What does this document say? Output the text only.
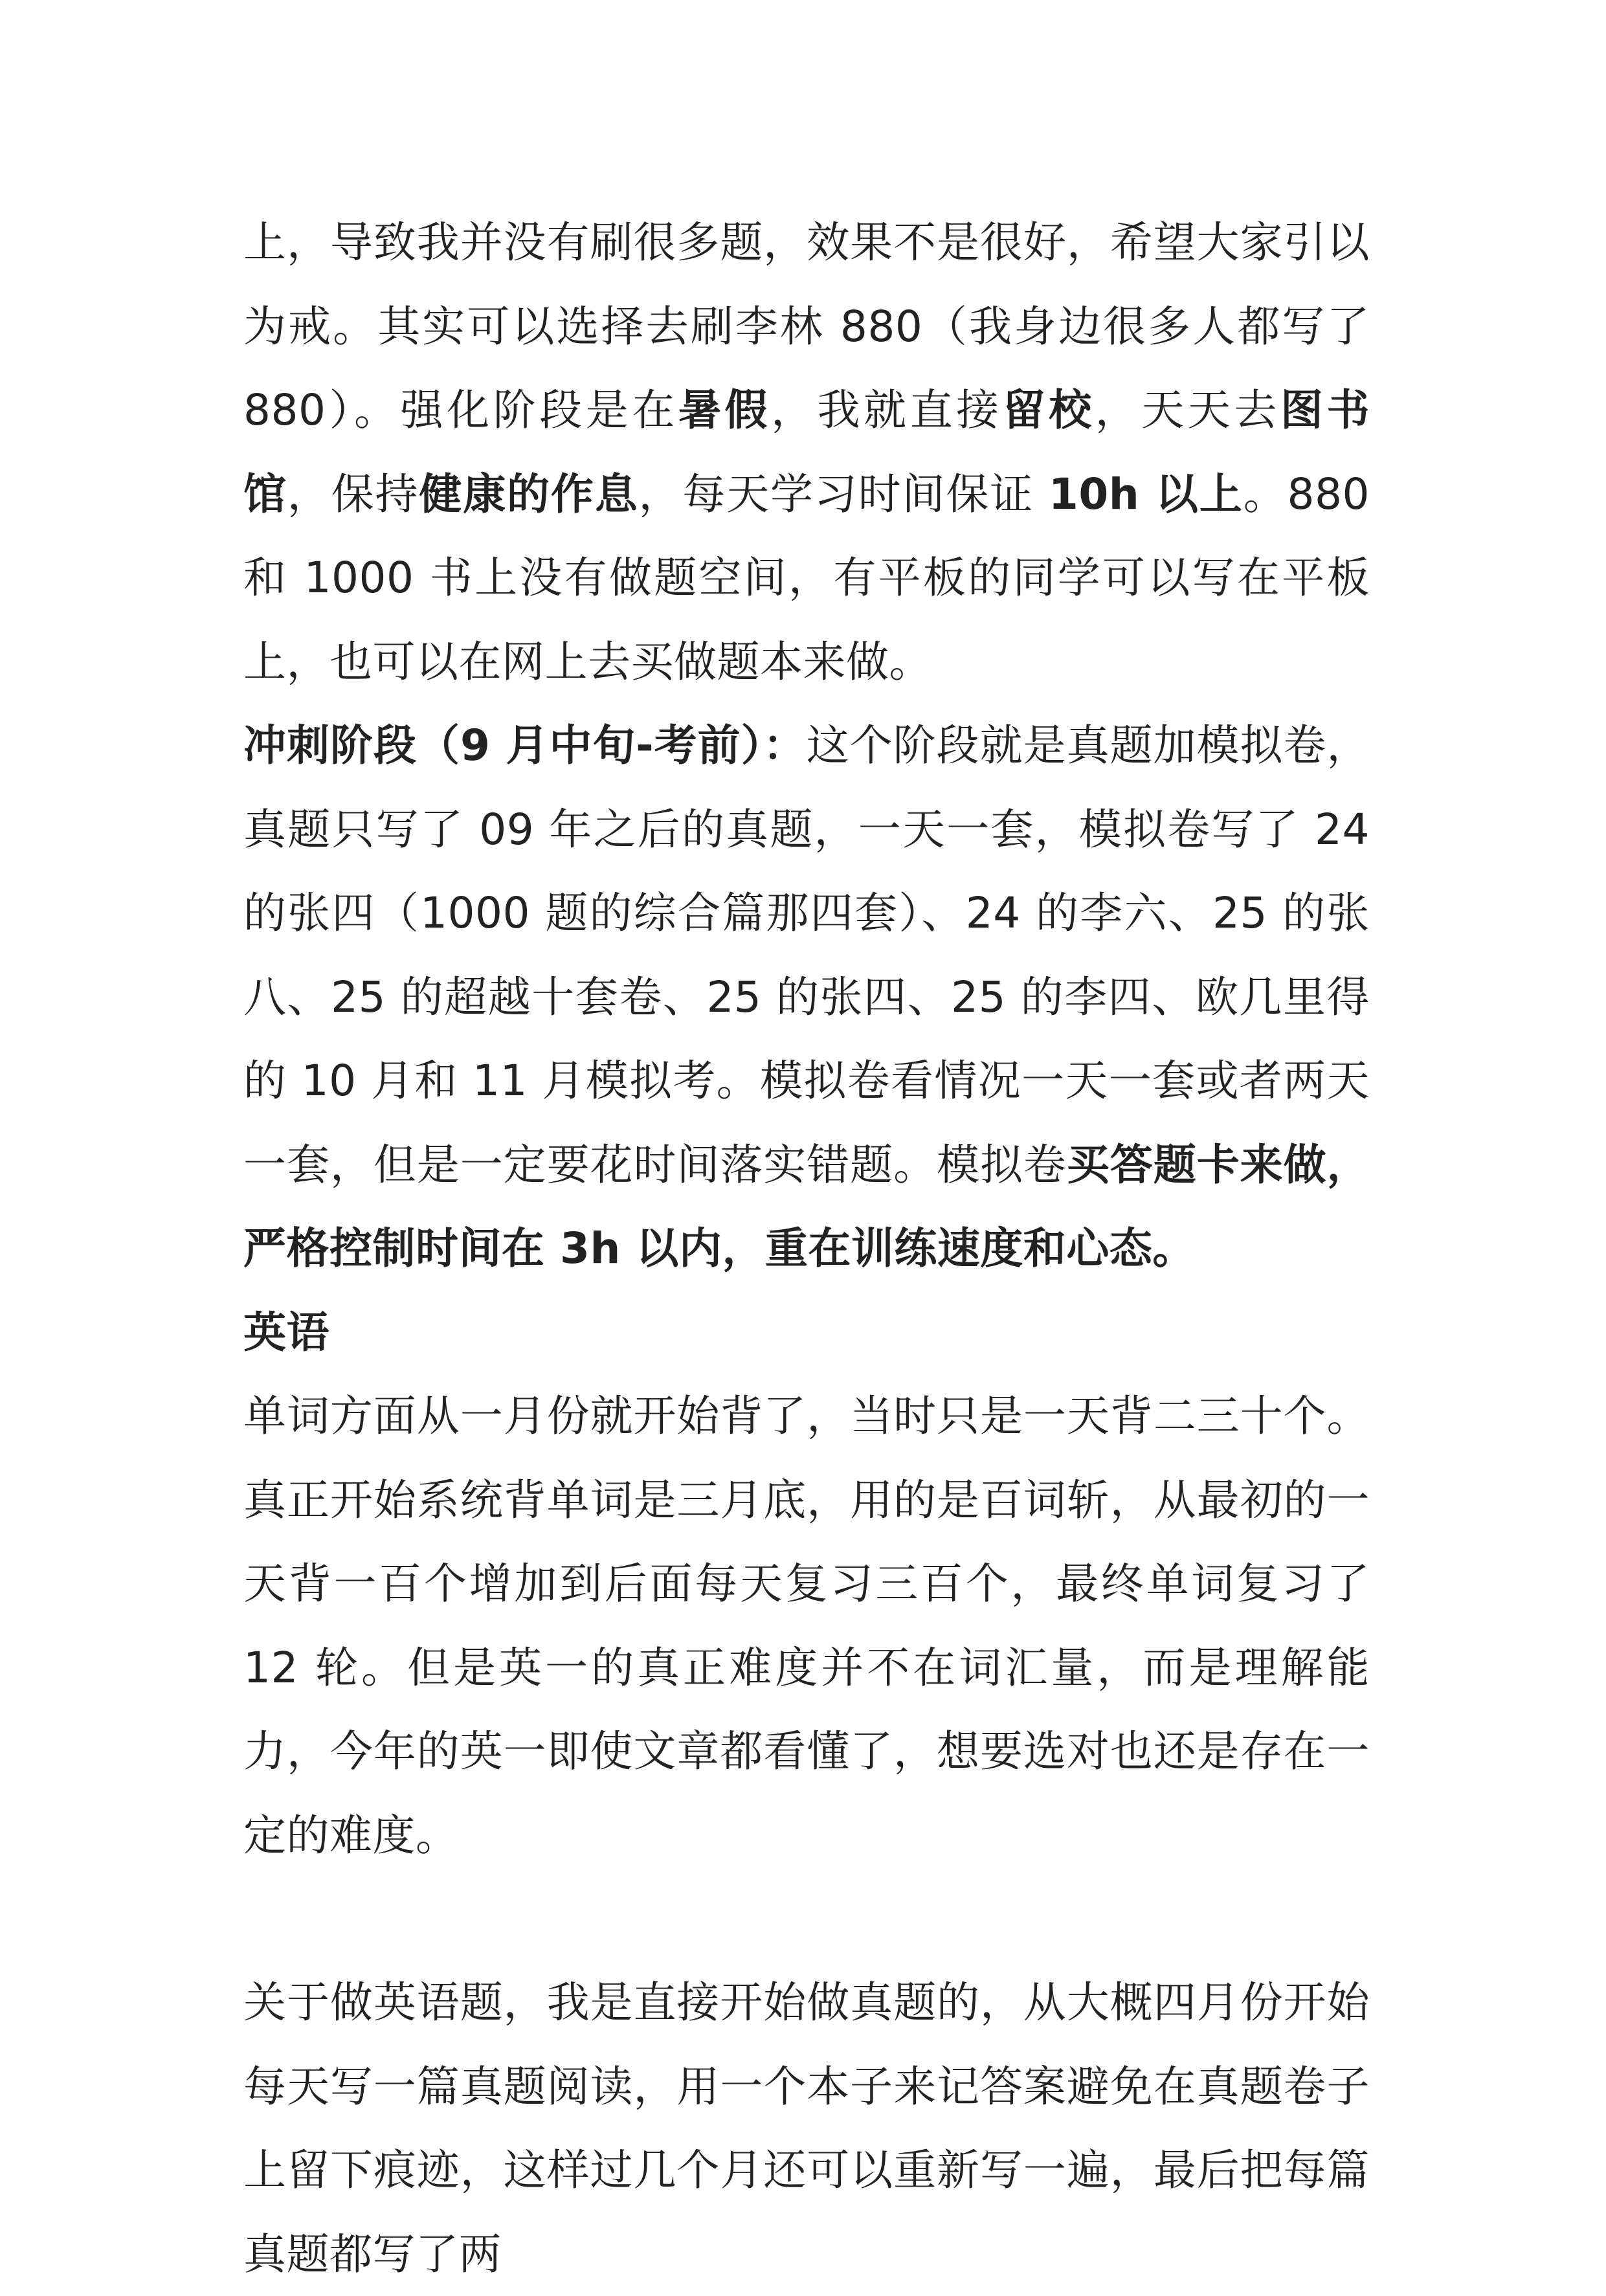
上，导致我并没有刷很多题，效果不是很好，希望大家引以为戒。其实可以选择去刷李林 880（我身边很多人都写了 880）。强化阶段是在暑假，我就直接留校，天天去图书馆，保持健康的作息，每天学习时间保证 10h 以上。880 和 1000 书上没有做题空间，有平板的同学可以写在平板上，也可以在网上去买做题本来做。

冲刺阶段（9 月中旬-考前）：这个阶段就是真题加模拟卷，真题只写了 09 年之后的真题，一天一套，模拟卷写了 24 的张四（1000 题的综合篇那四套）、24 的李六、25 的张八、25 的超越十套卷、25 的张四、25 的李四、欧几里得的 10 月和 11 月模拟考。模拟卷看情况一天一套或者两天一套，但是一定要花时间落实错题。模拟卷买答题卡来做，严格控制时间在 3h 以内，重在训练速度和心态。

英语

单词方面从一月份就开始背了，当时只是一天背二三十个。真正开始系统背单词是三月底，用的是百词斩，从最初的一天背一百个增加到后面每天复习三百个，最终单词复习了 12 轮。但是英一的真正难度并不在词汇量，而是理解能力，今年的英一即使文章都看懂了，想要选对也还是存在一定的难度。

关于做英语题，我是直接开始做真题的，从大概四月份开始每天写一篇真题阅读，用一个本子来记答案避免在真题卷子上留下痕迹，这样过几个月还可以重新写一遍，最后把每篇真题都写了两
